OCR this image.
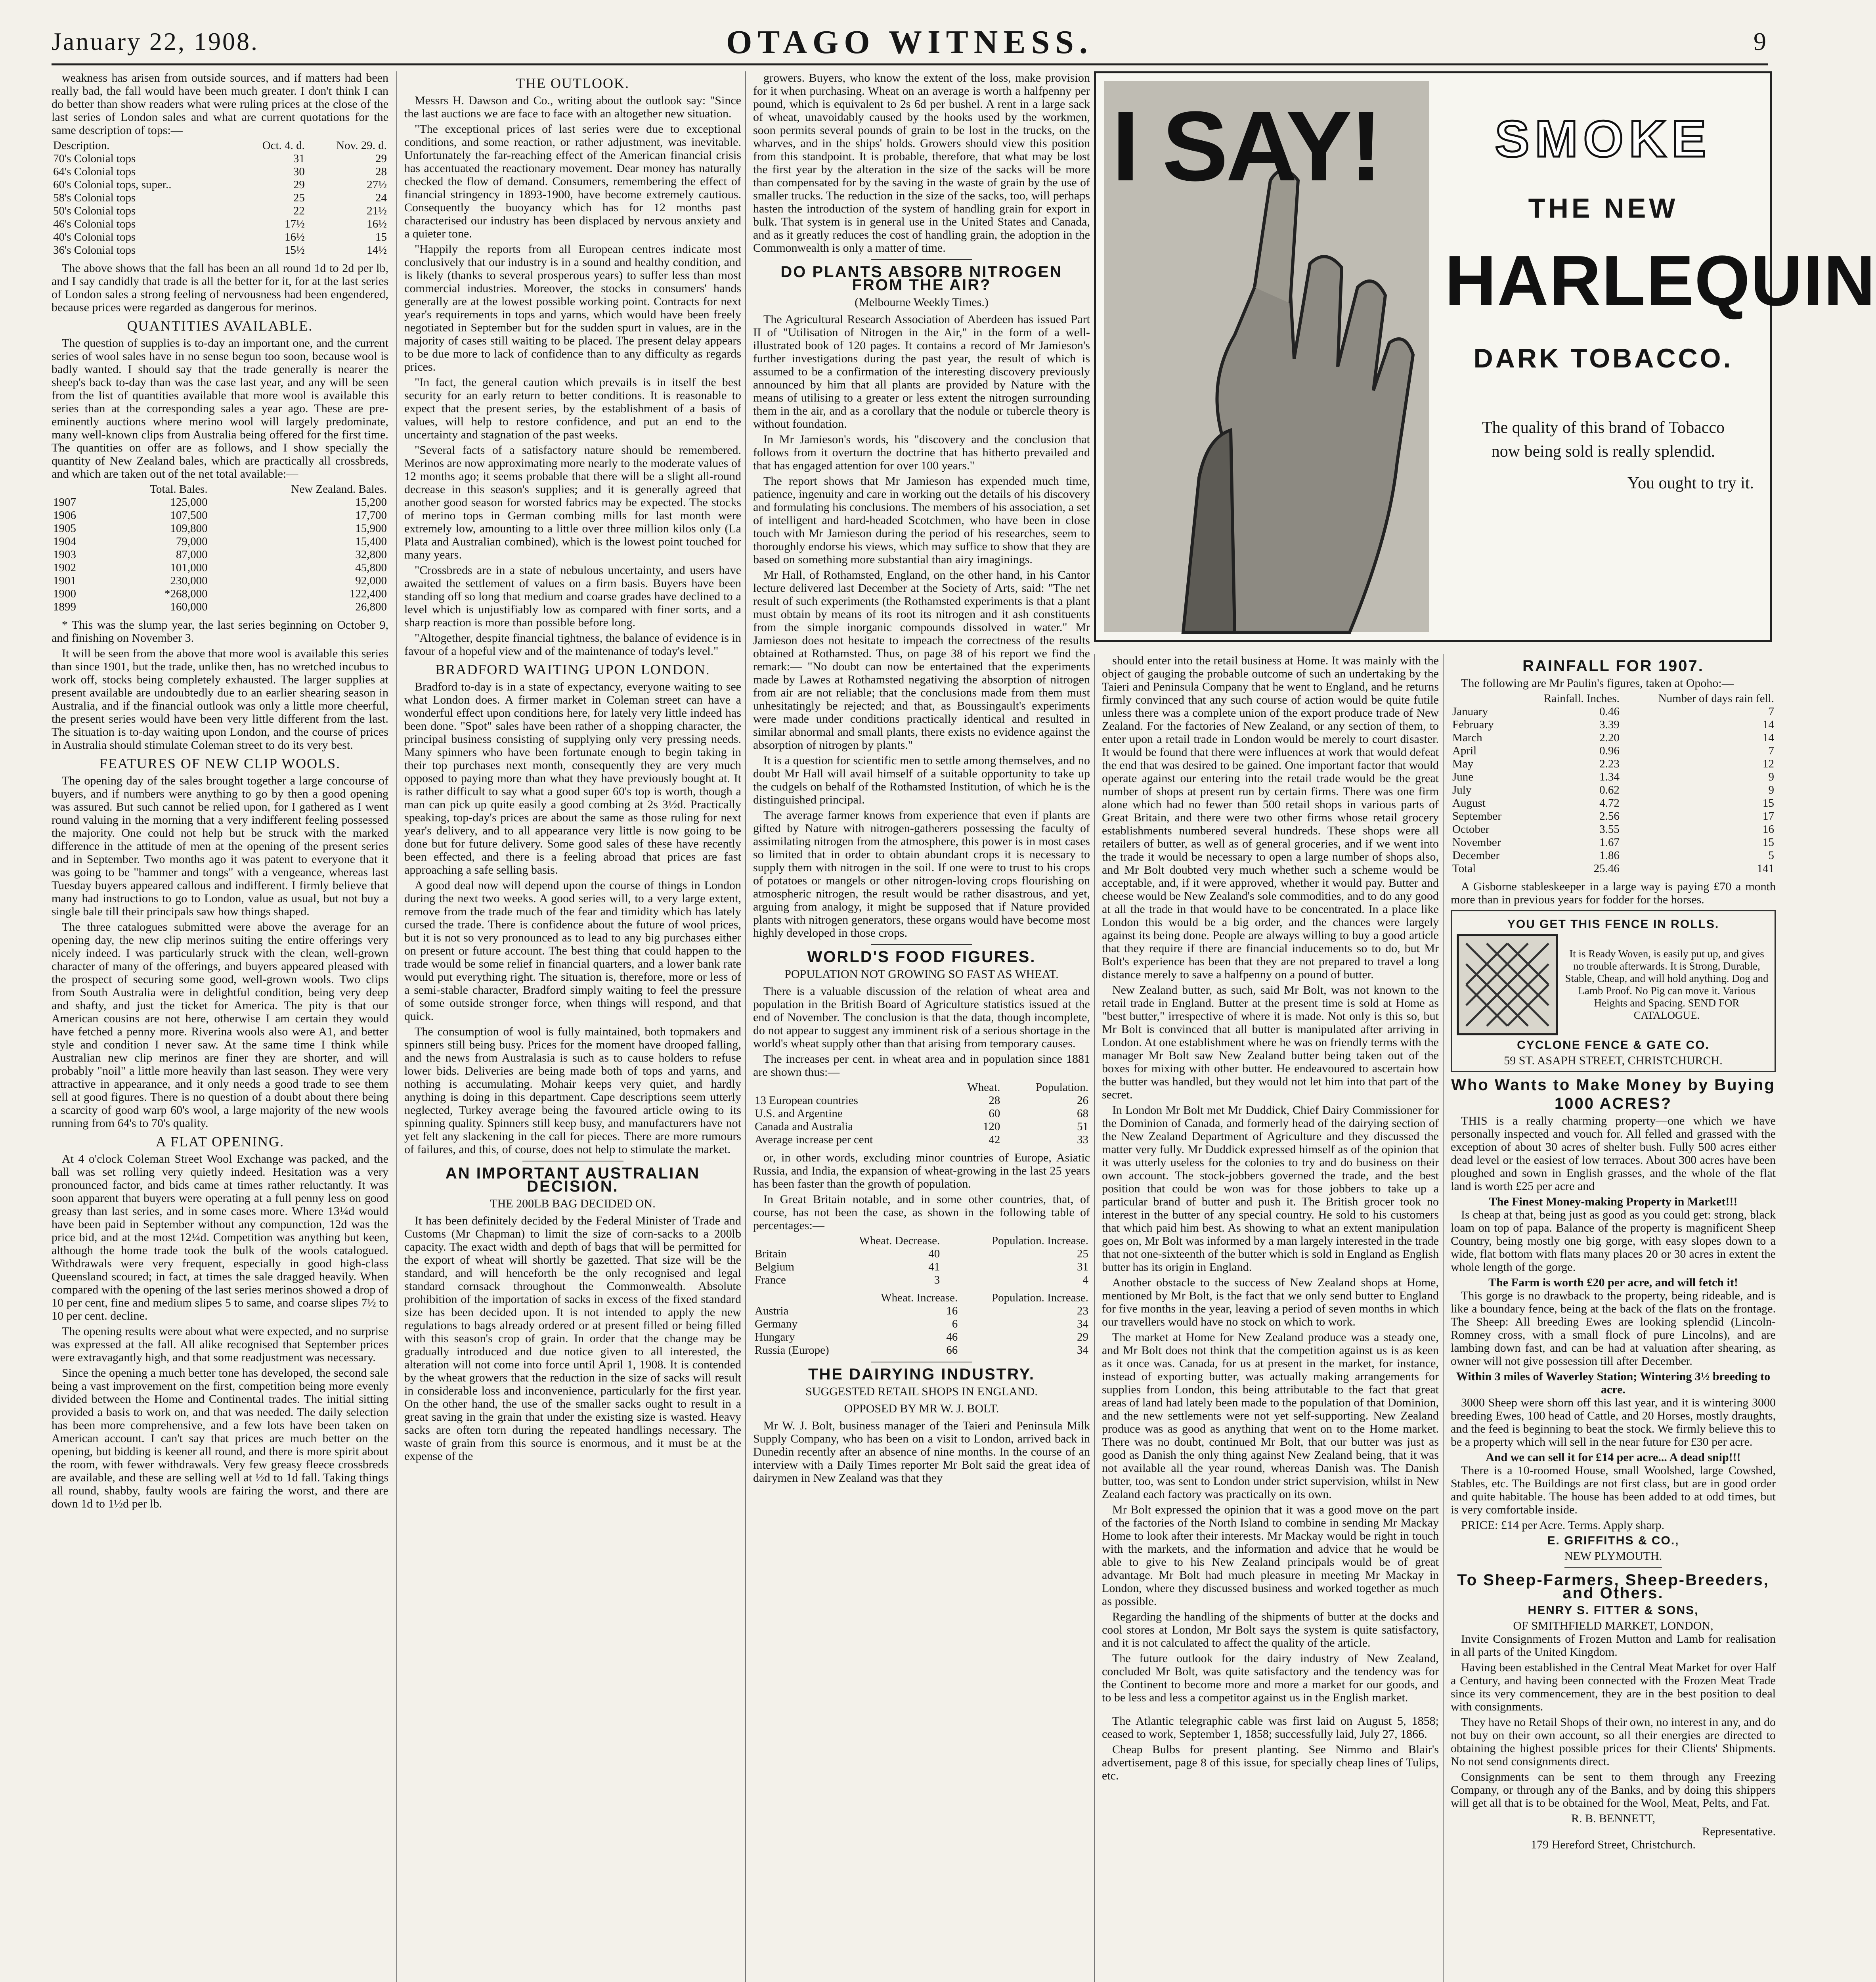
January 22, 1908.	OTAGO WITNESS.	9

weakness has arisen from outside sources, and if matters had been really bad, the fall would have been much greater. I don't think I can do better than show readers what were ruling prices at the close of the last series of London sales and what are current quotations for the same description of tops:—

Description.	Oct. 4. d.	Nov. 29. d.
70's Colonial tops	31	29
64's Colonial tops	30	28
60's Colonial tops, super..	29	27½
58's Colonial tops	25	24
50's Colonial tops	22	21½
46's Colonial tops	17½	16½
40's Colonial tops	16½	15
36's Colonial tops	15½	14½

The above shows that the fall has been an all round 1d to 2d per lb, and I say candidly that trade is all the better for it, for at the last series of London sales a strong feeling of nervousness had been engendered, because prices were regarded as dangerous for merinos.

QUANTITIES AVAILABLE.

The question of supplies is to-day an important one, and the current series of wool sales have in no sense begun too soon, because wool is badly wanted. I should say that the trade generally is nearer the sheep's back to-day than was the case last year, and any will be seen from the list of quantities available that more wool is available this series than at the corresponding sales a year ago. These are pre-eminently auctions where merino wool will largely predominate, many well-known clips from Australia being offered for the first time. The quantities on offer are as follows, and I show specially the quantity of New Zealand bales, which are practically all crossbreds, and which are taken out of the net total available:—

	Total. Bales.	New Zealand. Bales.
1907	125,000	15,200
1906	107,500	17,700
1905	109,800	15,900
1904	79,000	15,400
1903	87,000	32,800
1902	101,000	45,800
1901	230,000	92,000
1900	*268,000	122,400
1899	160,000	26,800

* This was the slump year, the last series beginning on October 9, and finishing on November 3.

It will be seen from the above that more wool is available this series than since 1901, but the trade, unlike then, has no wretched incubus to work off, stocks being completely exhausted. The larger supplies at present available are undoubtedly due to an earlier shearing season in Australia, and if the financial outlook was only a little more cheerful, the present series would have been very little different from the last. The situation is to-day waiting upon London, and the course of prices in Australia should stimulate Coleman street to do its very best.

FEATURES OF NEW CLIP WOOLS.

The opening day of the sales brought together a large concourse of buyers, and if numbers were anything to go by then a good opening was assured. But such cannot be relied upon, for I gathered as I went round valuing in the morning that a very indifferent feeling possessed the majority. One could not help but be struck with the marked difference in the attitude of men at the opening of the present series and in September. Two months ago it was patent to everyone that it was going to be "hammer and tongs" with a vengeance, whereas last Tuesday buyers appeared callous and indifferent. I firmly believe that many had instructions to go to London, value as usual, but not buy a single bale till their principals saw how things shaped.

The three catalogues submitted were above the average for an opening day, the new clip merinos suiting the entire offerings very nicely indeed. I was particularly struck with the clean, well-grown character of many of the offerings, and buyers appeared pleased with the prospect of securing some good, well-grown wools. Two clips from South Australia were in delightful condition, being very deep and shafty, and just the ticket for America. The pity is that our American cousins are not here, otherwise I am certain they would have fetched a penny more. Riverina wools also were A1, and better style and condition I never saw. At the same time I think while Australian new clip merinos are finer they are shorter, and will probably "noil" a little more heavily than last season. They were very attractive in appearance, and it only needs a good trade to see them sell at good figures. There is no question of a doubt about there being a scarcity of good warp 60's wool, a large majority of the new wools running from 64's to 70's quality.

A FLAT OPENING.

At 4 o'clock Coleman Street Wool Exchange was packed, and the ball was set rolling very quietly indeed. Hesitation was a very pronounced factor, and bids came at times rather reluctantly. It was soon apparent that buyers were operating at a full penny less on good greasy than last series, and in some cases more. Where 13¼d would have been paid in September without any compunction, 12d was the price bid, and at the most 12¼d. Competition was anything but keen, although the home trade took the bulk of the wools catalogued. Withdrawals were very frequent, especially in good high-class Queensland scoured; in fact, at times the sale dragged heavily. When compared with the opening of the last series merinos showed a drop of 10 per cent, fine and medium slipes 5 to same, and coarse slipes 7½ to 10 per cent. decline.

The opening results were about what were expected, and no surprise was expressed at the fall. All alike recognised that September prices were extravagantly high, and that some readjustment was necessary.

Since the opening a much better tone has developed, the second sale being a vast improvement on the first, competition being more evenly divided between the Home and Continental trades. The initial sitting provided a basis to work on, and that was needed. The daily selection has been more comprehensive, and a few lots have been taken on American account. I can't say that prices are much better on the opening, but bidding is keener all round, and there is more spirit about the room, with fewer withdrawals. Very few greasy fleece crossbreds are available, and these are selling well at ½d to 1d fall. Taking things all round, shabby, faulty wools are fairing the worst, and there are down 1d to 1½d per lb.

THE OUTLOOK.

Messrs H. Dawson and Co., writing about the outlook say: "Since the last auctions we are face to face with an altogether new situation.

"The exceptional prices of last series were due to exceptional conditions, and some reaction, or rather adjustment, was inevitable. Unfortunately the far-reaching effect of the American financial crisis has accentuated the reactionary movement. Dear money has naturally checked the flow of demand. Consumers, remembering the effect of financial stringency in 1893-1900, have become extremely cautious. Consequently the buoyancy which has for 12 months past characterised our industry has been displaced by nervous anxiety and a quieter tone.

"Happily the reports from all European centres indicate most conclusively that our industry is in a sound and healthy condition, and is likely (thanks to several prosperous years) to suffer less than most commercial industries. Moreover, the stocks in consumers' hands generally are at the lowest possible working point. Contracts for next year's requirements in tops and yarns, which would have been freely negotiated in September but for the sudden spurt in values, are in the majority of cases still waiting to be placed. The present delay appears to be due more to lack of confidence than to any difficulty as regards prices.

"In fact, the general caution which prevails is in itself the best security for an early return to better conditions. It is reasonable to expect that the present series, by the establishment of a basis of values, will help to restore confidence, and put an end to the uncertainty and stagnation of the past weeks.

"Several facts of a satisfactory nature should be remembered. Merinos are now approximating more nearly to the moderate values of 12 months ago; it seems probable that there will be a slight all-round decrease in this season's supplies; and it is generally agreed that another good season for worsted fabrics may be expected. The stocks of merino tops in German combing mills for last month were extremely low, amounting to a little over three million kilos only (La Plata and Australian combined), which is the lowest point touched for many years.

"Crossbreds are in a state of nebulous uncertainty, and users have awaited the settlement of values on a firm basis. Buyers have been standing off so long that medium and coarse grades have declined to a level which is unjustifiably low as compared with finer sorts, and a sharp reaction is more than possible before long.

"Altogether, despite financial tightness, the balance of evidence is in favour of a hopeful view and of the maintenance of today's level."

BRADFORD WAITING UPON LONDON.

Bradford to-day is in a state of expectancy, everyone waiting to see what London does. A firmer market in Coleman street can have a wonderful effect upon conditions here, for lately very little indeed has been done. "Spot" sales have been rather of a shopping character, the principal business consisting of supplying only very pressing needs. Many spinners who have been fortunate enough to begin taking in their top purchases next month, consequently they are very much opposed to paying more than what they have previously bought at. It is rather difficult to say what a good super 60's top is worth, though a man can pick up quite easily a good combing at 2s 3½d. Practically speaking, top-day's prices are about the same as those ruling for next year's delivery, and to all appearance very little is now going to be done but for future delivery. Some good sales of these have recently been effected, and there is a feeling abroad that prices are fast approaching a safe selling basis.

A good deal now will depend upon the course of things in London during the next two weeks. A good series will, to a very large extent, remove from the trade much of the fear and timidity which has lately cursed the trade. There is confidence about the future of wool prices, but it is not so very pronounced as to lead to any big purchases either on present or future account. The best thing that could happen to the trade would be some relief in financial quarters, and a lower bank rate would put everything right. The situation is, therefore, more or less of a semi-stable character, Bradford simply waiting to feel the pressure of some outside stronger force, when things will respond, and that quick.

The consumption of wool is fully maintained, both topmakers and spinners still being busy. Prices for the moment have drooped falling, and the news from Australasia is such as to cause holders to refuse lower bids. Deliveries are being made both of tops and yarns, and nothing is accumulating. Mohair keeps very quiet, and hardly anything is doing in this department. Cape descriptions seem utterly neglected, Turkey average being the favoured article owing to its spinning quality. Spinners still keep busy, and manufacturers have not yet felt any slackening in the call for pieces. There are more rumours of failures, and this, of course, does not help to stimulate the market.

AN IMPORTANT AUSTRALIAN DECISION.
THE 200LB BAG DECIDED ON.

It has been definitely decided by the Federal Minister of Trade and Customs (Mr Chapman) to limit the size of corn-sacks to a 200lb capacity. The exact width and depth of bags that will be permitted for the export of wheat will shortly be gazetted. That size will be the standard, and will henceforth be the only recognised and legal standard cornsack throughout the Commonwealth. Absolute prohibition of the importation of sacks in excess of the fixed standard size has been decided upon. It is not intended to apply the new regulations to bags already ordered or at present filled or being filled with this season's crop of grain. In order that the change may be gradually introduced and due notice given to all interested, the alteration will not come into force until April 1, 1908. It is contended by the wheat growers that the reduction in the size of sacks will result in considerable loss and inconvenience, particularly for the first year. On the other hand, the use of the smaller sacks ought to result in a great saving in the grain that under the existing size is wasted. Heavy sacks are often torn during the repeated handlings necessary. The waste of grain from this source is enormous, and it must be at the expense of the

growers. Buyers, who know the extent of the loss, make provision for it when purchasing. Wheat on an average is worth a halfpenny per pound, which is equivalent to 2s 6d per bushel. A rent in a large sack of wheat, unavoidably caused by the hooks used by the workmen, soon permits several pounds of grain to be lost in the trucks, on the wharves, and in the ships' holds. Growers should view this position from this standpoint. It is probable, therefore, that what may be lost the first year by the alteration in the size of the sacks will be more than compensated for by the saving in the waste of grain by the use of smaller trucks. The reduction in the size of the sacks, too, will perhaps hasten the introduction of the system of handling grain for export in bulk. That system is in general use in the United States and Canada, and as it greatly reduces the cost of handling grain, the adoption in the Commonwealth is only a matter of time.

DO PLANTS ABSORB NITROGEN FROM THE AIR?
(Melbourne Weekly Times.)

The Agricultural Research Association of Aberdeen has issued Part II of "Utilisation of Nitrogen in the Air," in the form of a well-illustrated book of 120 pages. It contains a record of Mr Jamieson's further investigations during the past year, the result of which is assumed to be a confirmation of the interesting discovery previously announced by him that all plants are provided by Nature with the means of utilising to a greater or less extent the nitrogen surrounding them in the air, and as a corollary that the nodule or tubercle theory is without foundation.

In Mr Jamieson's words, his "discovery and the conclusion that follows from it overturn the doctrine that has hitherto prevailed and that has engaged attention for over 100 years."

The report shows that Mr Jamieson has expended much time, patience, ingenuity and care in working out the details of his discovery and formulating his conclusions. The members of his association, a set of intelligent and hard-headed Scotchmen, who have been in close touch with Mr Jamieson during the period of his researches, seem to thoroughly endorse his views, which may suffice to show that they are based on something more substantial than airy imaginings.

Mr Hall, of Rothamsted, England, on the other hand, in his Cantor lecture delivered last December at the Society of Arts, said: "The net result of such experiments (the Rothamsted experiments is that a plant must obtain by means of its root its nitrogen and it ash constituents from the simple inorganic compounds dissolved in water." Mr Jamieson does not hesitate to impeach the correctness of the results obtained at Rothamsted. Thus, on page 38 of his report we find the remark:— "No doubt can now be entertained that the experiments made by Lawes at Rothamsted negativing the absorption of nitrogen from air are not reliable; that the conclusions made from them must unhesitatingly be rejected; and that, as Boussingault's experiments were made under conditions practically identical and resulted in similar abnormal and small plants, there exists no evidence against the absorption of nitrogen by plants."

It is a question for scientific men to settle among themselves, and no doubt Mr Hall will avail himself of a suitable opportunity to take up the cudgels on behalf of the Rothamsted Institution, of which he is the distinguished principal.

The average farmer knows from experience that even if plants are gifted by Nature with nitrogen-gatherers possessing the faculty of assimilating nitrogen from the atmosphere, this power is in most cases so limited that in order to obtain abundant crops it is necessary to supply them with nitrogen in the soil. If one were to trust to his crops of potatoes or mangels or other nitrogen-loving crops flourishing on atmospheric nitrogen, the result would be rather disastrous, and yet, arguing from analogy, it might be supposed that if Nature provided plants with nitrogen generators, these organs would have become most highly developed in those crops.

WORLD'S FOOD FIGURES.
POPULATION NOT GROWING SO FAST AS WHEAT.

There is a valuable discussion of the relation of wheat area and population in the British Board of Agriculture statistics issued at the end of November. The conclusion is that the data, though incomplete, do not appear to suggest any imminent risk of a serious shortage in the world's wheat supply other than that arising from temporary causes.

The increases per cent. in wheat area and in population since 1881 are shown thus:—

	Wheat.	Population.
13 European countries	28	26
U.S. and Argentine	60	68
Canada and Australia	120	51
Average increase per cent	42	33

or, in other words, excluding minor countries of Europe, Asiatic Russia, and India, the expansion of wheat-growing in the last 25 years has been faster than the growth of population.

In Great Britain notable, and in some other countries, that, of course, has not been the case, as shown in the following table of percentages:—

	Wheat. Decrease.	Population. Increase.
Britain	40	25
Belgium	41	31
France	3	4
	Wheat. Increase.	Population. Increase.
Austria	16	23
Germany	6	34
Hungary	46	29
Russia (Europe)	66	34
THE DAIRYING INDUSTRY.
SUGGESTED RETAIL SHOPS IN ENGLAND.
OPPOSED BY MR W. J. BOLT.

Mr W. J. Bolt, business manager of the Taieri and Peninsula Milk Supply Company, who has been on a visit to London, arrived back in Dunedin recently after an absence of nine months. In the course of an interview with a Daily Times reporter Mr Bolt said the great idea of dairymen in New Zealand was that they

I SAY!	SMOKE
THE NEW
HARLEQUIN
DARK TOBACCO.
The quality of this brand of Tobacco
now being sold is really splendid.
You ought to try it.

should enter into the retail business at Home. It was mainly with the object of gauging the probable outcome of such an undertaking by the Taieri and Peninsula Company that he went to England, and he returns firmly convinced that any such course of action would be quite futile unless there was a complete union of the export produce trade of New Zealand. For the factories of New Zealand, or any section of them, to enter upon a retail trade in London would be merely to court disaster. It would be found that there were influences at work that would defeat the end that was desired to be gained. One important factor that would operate against our entering into the retail trade would be the great number of shops at present run by certain firms. There was one firm alone which had no fewer than 500 retail shops in various parts of Great Britain, and there were two other firms whose retail grocery establishments numbered several hundreds. These shops were all retailers of butter, as well as of general groceries, and if we went into the trade it would be necessary to open a large number of shops also, and Mr Bolt doubted very much whether such a scheme would be acceptable, and, if it were approved, whether it would pay. Butter and cheese would be New Zealand's sole commodities, and to do any good at all the trade in that would have to be concentrated. In a place like London this would be a big order, and the chances were largely against its being done. People are always willing to buy a good article that they require if there are financial inducements so to do, but Mr Bolt's experience has been that they are not prepared to travel a long distance merely to save a halfpenny on a pound of butter.

New Zealand butter, as such, said Mr Bolt, was not known to the retail trade in England. Butter at the present time is sold at Home as "best butter," irrespective of where it is made. Not only is this so, but Mr Bolt is convinced that all butter is manipulated after arriving in London. At one establishment where he was on friendly terms with the manager Mr Bolt saw New Zealand butter being taken out of the boxes for mixing with other butter. He endeavoured to ascertain how the butter was handled, but they would not let him into that part of the secret.

In London Mr Bolt met Mr Duddick, Chief Dairy Commissioner for the Dominion of Canada, and formerly head of the dairying section of the New Zealand Department of Agriculture and they discussed the matter very fully. Mr Duddick expressed himself as of the opinion that it was utterly useless for the colonies to try and do business on their own account. The stock-jobbers governed the trade, and the best position that could be won was for those jobbers to take up a particular brand of butter and push it. The British grocer took no interest in the butter of any special country. He sold to his customers that which paid him best. As showing to what an extent manipulation goes on, Mr Bolt was informed by a man largely interested in the trade that not one-sixteenth of the butter which is sold in England as English butter has its origin in England.

Another obstacle to the success of New Zealand shops at Home, mentioned by Mr Bolt, is the fact that we only send butter to England for five months in the year, leaving a period of seven months in which our travellers would have no stock on which to work.

The market at Home for New Zealand produce was a steady one, and Mr Bolt does not think that the competition against us is as keen as it once was. Canada, for us at present in the market, for instance, instead of exporting butter, was actually making arrangements for supplies from London, this being attributable to the fact that great areas of land had lately been made to the population of that Dominion, and the new settlements were not yet self-supporting. New Zealand produce was as good as anything that went on to the Home market. There was no doubt, continued Mr Bolt, that our butter was just as good as Danish the only thing against New Zealand being, that it was not available all the year round, whereas Danish was. The Danish butter, too, was sent to London under strict supervision, whilst in New Zealand each factory was practically on its own.

Mr Bolt expressed the opinion that it was a good move on the part of the factories of the North Island to combine in sending Mr Mackay Home to look after their interests. Mr Mackay would be right in touch with the markets, and the information and advice that he would be able to give to his New Zealand principals would be of great advantage. Mr Bolt had much pleasure in meeting Mr Mackay in London, where they discussed business and worked together as much as possible.

Regarding the handling of the shipments of butter at the docks and cool stores at London, Mr Bolt says the system is quite satisfactory, and it is not calculated to affect the quality of the article.

The future outlook for the dairy industry of New Zealand, concluded Mr Bolt, was quite satisfactory and the tendency was for the Continent to become more and more a market for our goods, and to be less and less a competitor against us in the English market.

The Atlantic telegraphic cable was first laid on August 5, 1858; ceased to work, September 1, 1858; successfully laid, July 27, 1866.

Cheap Bulbs for present planting. See Nimmo and Blair's advertisement, page 8 of this issue, for specially cheap lines of Tulips, etc.

RAINFALL FOR 1907.

The following are Mr Paulin's figures, taken at Opoho:—

	Rainfall. Inches.	Number of days rain fell.
January	0.46	7
February	3.39	14
March	2.20	14
April	0.96	7
May	2.23	12
June	1.34	9
July	0.62	9
August	4.72	15
September	2.56	17
October	3.55	16
November	1.67	15
December	1.86	5
Total	25.46	141

A Gisborne stableskeeper in a large way is paying £70 a month more than in previous years for fodder for the horses.

YOU GET THIS FENCE IN ROLLS.
It is Ready Woven, is easily put up, and gives no trouble afterwards. It is Strong, Durable, Stable, Cheap, and will hold anything. Dog and Lamb Proof. No Pig can move it. Various Heights and Spacing. SEND FOR CATALOGUE.
CYCLONE FENCE & GATE CO.
59 ST. ASAPH STREET, CHRISTCHURCH.
Who Wants to Make Money by Buying
1000 ACRES?

THIS is a really charming property—one which we have personally inspected and vouch for. All felled and grassed with the exception of about 30 acres of shelter bush. Fully 500 acres either dead level or the easiest of low terraces. About 300 acres have been ploughed and sown in English grasses, and the whole of the flat land is worth £25 per acre and

The Finest Money-making Property in Market!!!

Is cheap at that, being just as good as you could get: strong, black loam on top of papa. Balance of the property is magnificent Sheep Country, being mostly one big gorge, with easy slopes down to a wide, flat bottom with flats many places 20 or 30 acres in extent the whole length of the gorge.

The Farm is worth £20 per acre, and will fetch it!

This gorge is no drawback to the property, being rideable, and is like a boundary fence, being at the back of the flats on the frontage. The Sheep: All breeding Ewes are looking splendid (Lincoln-Romney cross, with a small flock of pure Lincolns), and are lambing down fast, and can be had at valuation after shearing, as owner will not give possession till after December.

Within 3 miles of Waverley Station; Wintering 3½ breeding to acre.

3000 Sheep were shorn off this last year, and it is wintering 3000 breeding Ewes, 100 head of Cattle, and 20 Horses, mostly draughts, and the feed is beginning to beat the stock. We firmly believe this to be a property which will sell in the near future for £30 per acre.

And we can sell it for £14 per acre... A dead snip!!!

There is a 10-roomed House, small Woolshed, large Cowshed, Stables, etc. The Buildings are not first class, but are in good order and quite habitable. The house has been added to at odd times, but is very comfortable inside.

PRICE: £14 per Acre. Terms. Apply sharp.

E. GRIFFITHS & CO.,
NEW PLYMOUTH.
To Sheep-Farmers, Sheep-Breeders, and Others.
HENRY S. FITTER & SONS,
OF SMITHFIELD MARKET, LONDON,

Invite Consignments of Frozen Mutton and Lamb for realisation in all parts of the United Kingdom.

Having been established in the Central Meat Market for over Half a Century, and having been connected with the Frozen Meat Trade since its very commencement, they are in the best position to deal with consignments.

They have no Retail Shops of their own, no interest in any, and do not buy on their own account, so all their energies are directed to obtaining the highest possible prices for their Clients' Shipments. No not send consignments direct.

Consignments can be sent to them through any Freezing Company, or through any of the Banks, and by doing this shippers will get all that is to be obtained for the Wool, Meat, Pelts, and Fat.

R. B. BENNETT,
Representative.
179 Hereford Street, Christchurch.
